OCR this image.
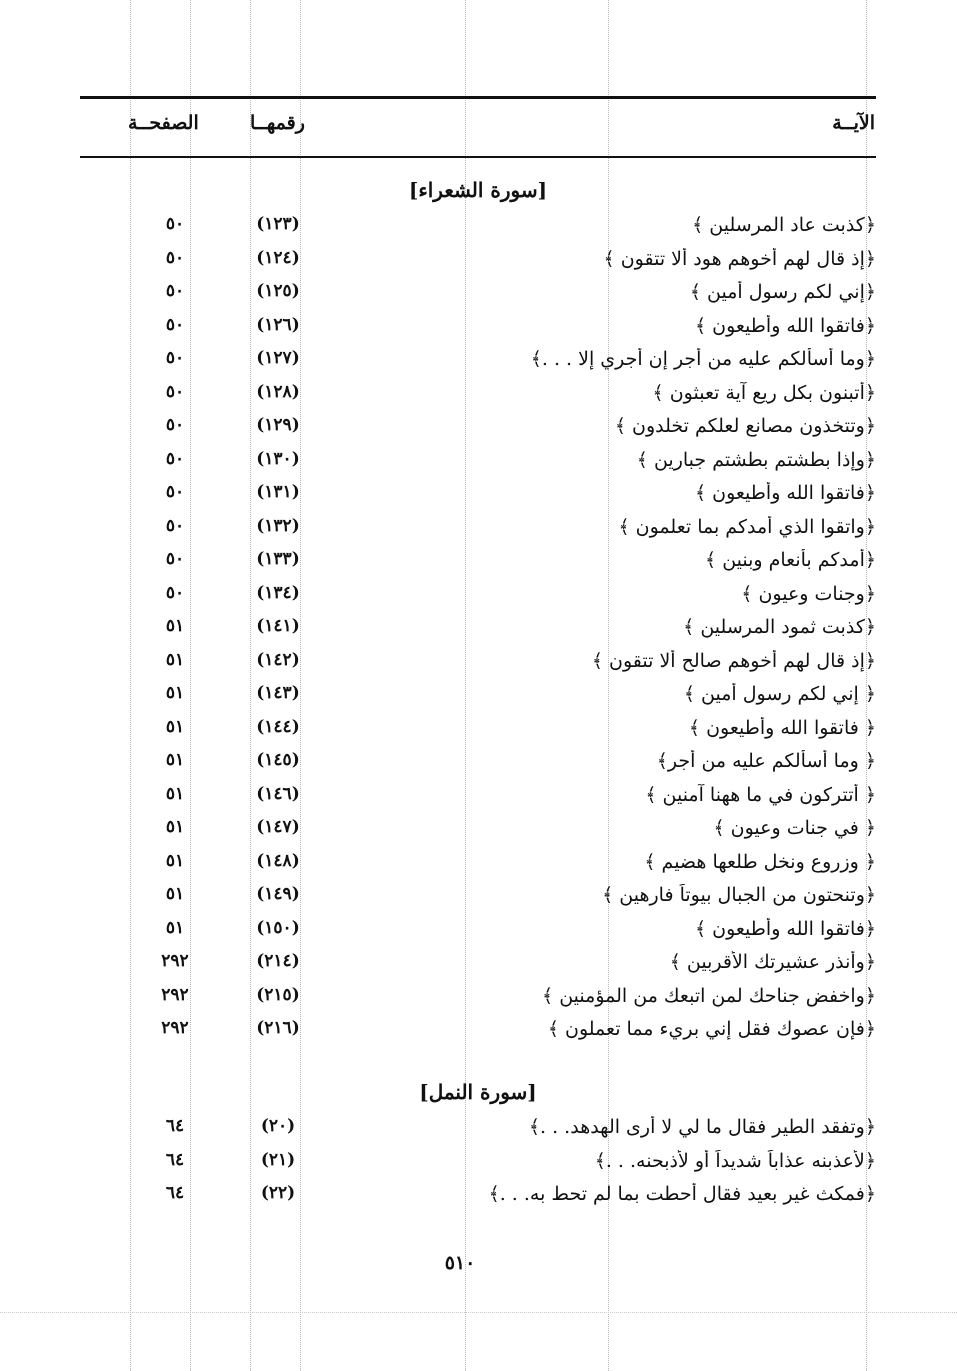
الآيــة
رقمهــا
الصفحــة
[سورة الشعراء]
﴿كذبت عاد المرسلين ﴾
(١٢٣)
٥٠
﴿إذ قال لهم أخوهم هود ألا تتقون ﴾
(١٢٤)
٥٠
﴿إني لكم رسول أمين ﴾
(١٢٥)
٥٠
﴿فاتقوا الله وأطيعون ﴾
(١٢٦)
٥٠
﴿وما أسألكم عليه من أجر إن أجري إلا . . .﴾
(١٢٧)
٥٠
﴿أتبنون بكل ريع آية تعبثون ﴾
(١٢٨)
٥٠
﴿وتتخذون مصانع لعلكم تخلدون ﴾
(١٢٩)
٥٠
﴿وإذا بطشتم بطشتم جبارين ﴾
(١٣٠)
٥٠
﴿فاتقوا الله وأطيعون ﴾
(١٣١)
٥٠
﴿واتقوا الذي أمدكم بما تعلمون ﴾
(١٣٢)
٥٠
﴿أمدكم بأنعام وبنين ﴾
(١٣٣)
٥٠
﴿وجنات وعيون ﴾
(١٣٤)
٥٠
﴿كذبت ثمود المرسلين ﴾
(١٤١)
٥١
﴿إذ قال لهم أخوهم صالح ألا تتقون ﴾
(١٤٢)
٥١
﴿ إني لكم رسول أمين ﴾
(١٤٣)
٥١
﴿ فاتقوا الله وأطيعون ﴾
(١٤٤)
٥١
﴿ وما أسألكم عليه من أجر﴾
(١٤٥)
٥١
﴿ أتتركون في ما ههنا آمنين ﴾
(١٤٦)
٥١
﴿ في جنات وعيون ﴾
(١٤٧)
٥١
﴿ وزروع ونخل طلعها هضيم ﴾
(١٤٨)
٥١
﴿وتنحتون من الجبال بيوتاً فارهين ﴾
(١٤٩)
٥١
﴿فاتقوا الله وأطيعون ﴾
(١٥٠)
٥١
﴿وأنذر عشيرتك الأقربين ﴾
(٢١٤)
٢٩٢
﴿واخفض جناحك لمن اتبعك من المؤمنين ﴾
(٢١٥)
٢٩٢
﴿فإن عصوك فقل إني بريء مما تعملون ﴾
(٢١٦)
٢٩٢
[سورة النمل]
﴿وتفقد الطير فقال ما لي لا أرى الهدهد. . .﴾
(٢٠)
٦٤
﴿لأعذبنه عذاباً شديداً أو لأذبحنه. . .﴾
(٢١)
٦٤
﴿فمكث غير بعيد فقال أحطت بما لم تحط به. . .﴾
(٢٢)
٦٤
٥١٠
